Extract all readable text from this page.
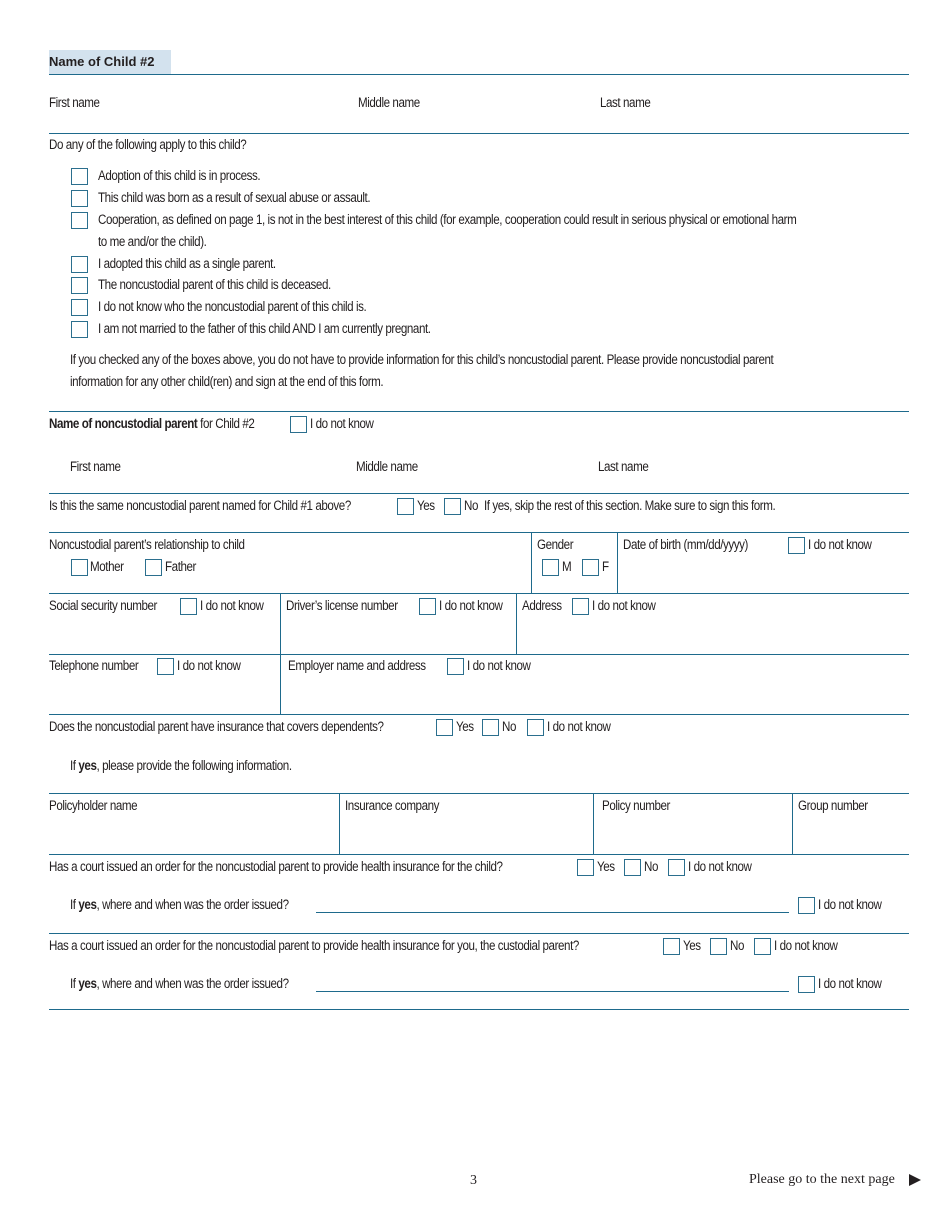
Name of Child #2
First name	Middle name	Last name
Do any of the following apply to this child?
Adoption of this child is in process.
This child was born as a result of sexual abuse or assault.
Cooperation, as defined on page 1, is not in the best interest of this child (for example, cooperation could result in serious physical or emotional harm
to me and/or the child).
I adopted this child as a single parent.
The noncustodial parent of this child is deceased.
I do not know who the noncustodial parent of this child is.
I am not married to the father of this child AND I am currently pregnant.
If you checked any of the boxes above, you do not have to provide information for this child’s noncustodial parent. Please provide noncustodial parent
information for any other child(ren) and sign at the end of this form.
Name of noncustodial parent for Child #2	I do not know
First name	Middle name	Last name
Is this the same noncustodial parent named for Child #1 above?	Yes No If yes, skip the rest of this section. Make sure to sign this form.
Noncustodial parent’s relationship to child
Mother	Father
Gender
M F
Date of birth (mm/dd/yyyy)	I do not know
Social security number	I do not know Driver’s license number	I do not know Address I do not know
Telephone number	I do not know	Employer name and address	I do not know
Does the noncustodial parent have insurance that covers dependents?	Yes No I do not know
If yes, please provide the following information.
Policyholder name	Insurance company	Policy number	Group number
Has a court issued an order for the noncustodial parent to provide health insurance for the child?	Yes No I do not know
If yes, where and when was the order issued?	I do not know
Has a court issued an order for the noncustodial parent to provide health insurance for you, the custodial parent?	Yes No I do not know
If yes, where and when was the order issued?	I do not know
3	Please go to the next page
